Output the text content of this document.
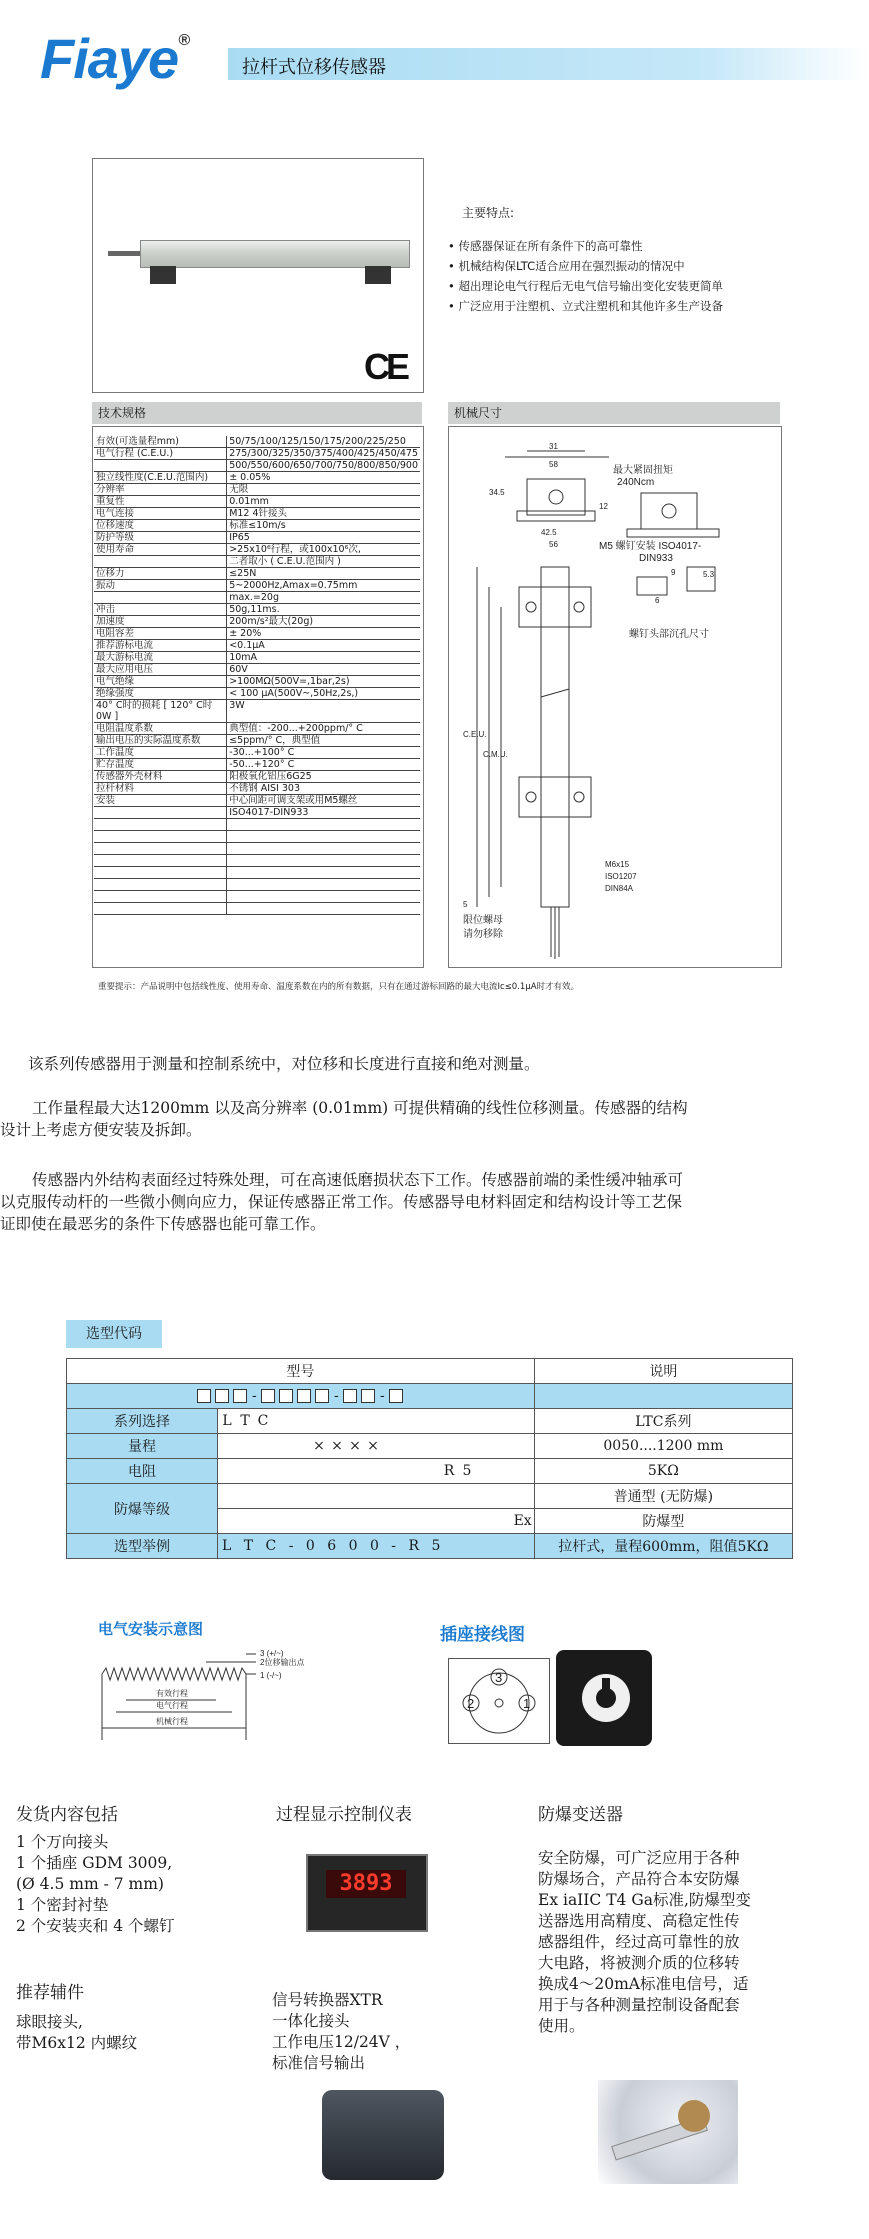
Fiaye®
拉杆式位移传感器
CE
主要特点:
• 传感器保证在所有条件下的高可靠性
• 机械结构保LTC适合应用在强烈振动的情况中
• 超出理论电气行程后无电气信号输出变化安装更简单
• 广泛应用于注塑机、立式注塑机和其他许多生产设备
技术规格	机械尺寸
有效(可选量程mm)	50/75/100/125/150/175/200/225/250
电气行程 (C.E.U.)	275/300/325/350/375/400/425/450/475
	500/550/600/650/700/750/800/850/900
独立线性度(C.E.U.范围内)	± 0.05%
分辨率	无限
重复性	0.01mm
电气连接	M12 4针接头
位移速度	标准≤10m/s
防护等级	IP65
使用寿命	>25x10⁶行程，或100x10⁶次,
	二者取小 ( C.E.U.范围内 )
位移力	≤25N
振动	5~2000Hz,Amax=0.75mm
	max.=20g
冲击	50g,11ms.
加速度	200m/s²最大(20g)
电阻容差	± 20%
推荐游标电流	<0.1μA
最大游标电流	10mA
最大应用电压	60V
电气绝缘	>100MΩ(500V=,1bar,2s)
绝缘强度	< 100 μA(500V~,50Hz,2s,)
40° C时的损耗 [ 120° C时0W ]	3W
电阻温度系数	典型值：-200...+200ppm/° C
输出电压的实际温度系数	≤5ppm/° C，典型值
工作温度	-30...+100° C
贮存温度	-50...+120° C
传感器外壳材料	阳极氧化铝压6G25
拉杆材料	不锈钢 AISI 303
安装	中心间距可调支架或用M5螺丝
	ISO4017-DIN933

31
58
42.5
56
34.5
12
最大紧固扭矩
240Ncm
M5 螺钉安装 ISO4017-
DIN933
5.3
9
6
螺钉头部沉孔尺寸
C.E.U.
C.M.U.
M6x15
ISO1207
DIN84A
5
限位螺母
请勿移除
重要提示：产品说明中包括线性度、使用寿命、温度系数在内的所有数据，只有在通过游标回路的最大电流Ic≤0.1μA时才有效。
该系列传感器用于测量和控制系统中，对位移和长度进行直接和绝对测量。
工作量程最大达1200mm 以及高分辨率 (0.01mm) 可提供精确的线性位移测量。传感器的结构
设计上考虑方便安装及拆卸。
传感器内外结构表面经过特殊处理，可在高速低磨损状态下工作。传感器前端的柔性缓冲轴承可
以克服传动杆的一些微小侧向应力，保证传感器正常工作。传感器导电材料固定和结构设计等工艺保
证即使在最恶劣的条件下传感器也能可靠工作。
选型代码
型号		说明
- - -		
系列选择	L T C	LTC系列
量程	× × × ×	0050....1200 mm
电阻	R 5	5KΩ
防爆等级		普通型 (无防爆)
	Ex	防爆型
选型举例	L T C - 0 6 0 0 - R 5	拉杆式，量程600mm，阻值5KΩ
电气安装示意图
3 (+/~)
2位移输出点
1 (-/~)
有效行程
电气行程
机械行程
插座接线图
3
2	1
发货内容包括
1 个万向接头
1 个插座 GDM 3009,
(Ø 4.5 mm - 7 mm)
1 个密封衬垫
2 个安装夹和 4 个螺钉
推荐辅件
球眼接头,
带M6x12 内螺纹
过程显示控制仪表
3893
信号转换器XTR
一体化接头
工作电压12/24V ，
标准信号输出
防爆变送器
安全防爆，可广泛应用于各种
防爆场合，产品符合本安防爆
Ex iaIIC T4 Ga标准,防爆型变
送器选用高精度、高稳定性传
感器组件，经过高可靠性的放
大电路，将被测介质的位移转
换成4～20mA标准电信号，适
用于与各种测量控制设备配套
使用。
